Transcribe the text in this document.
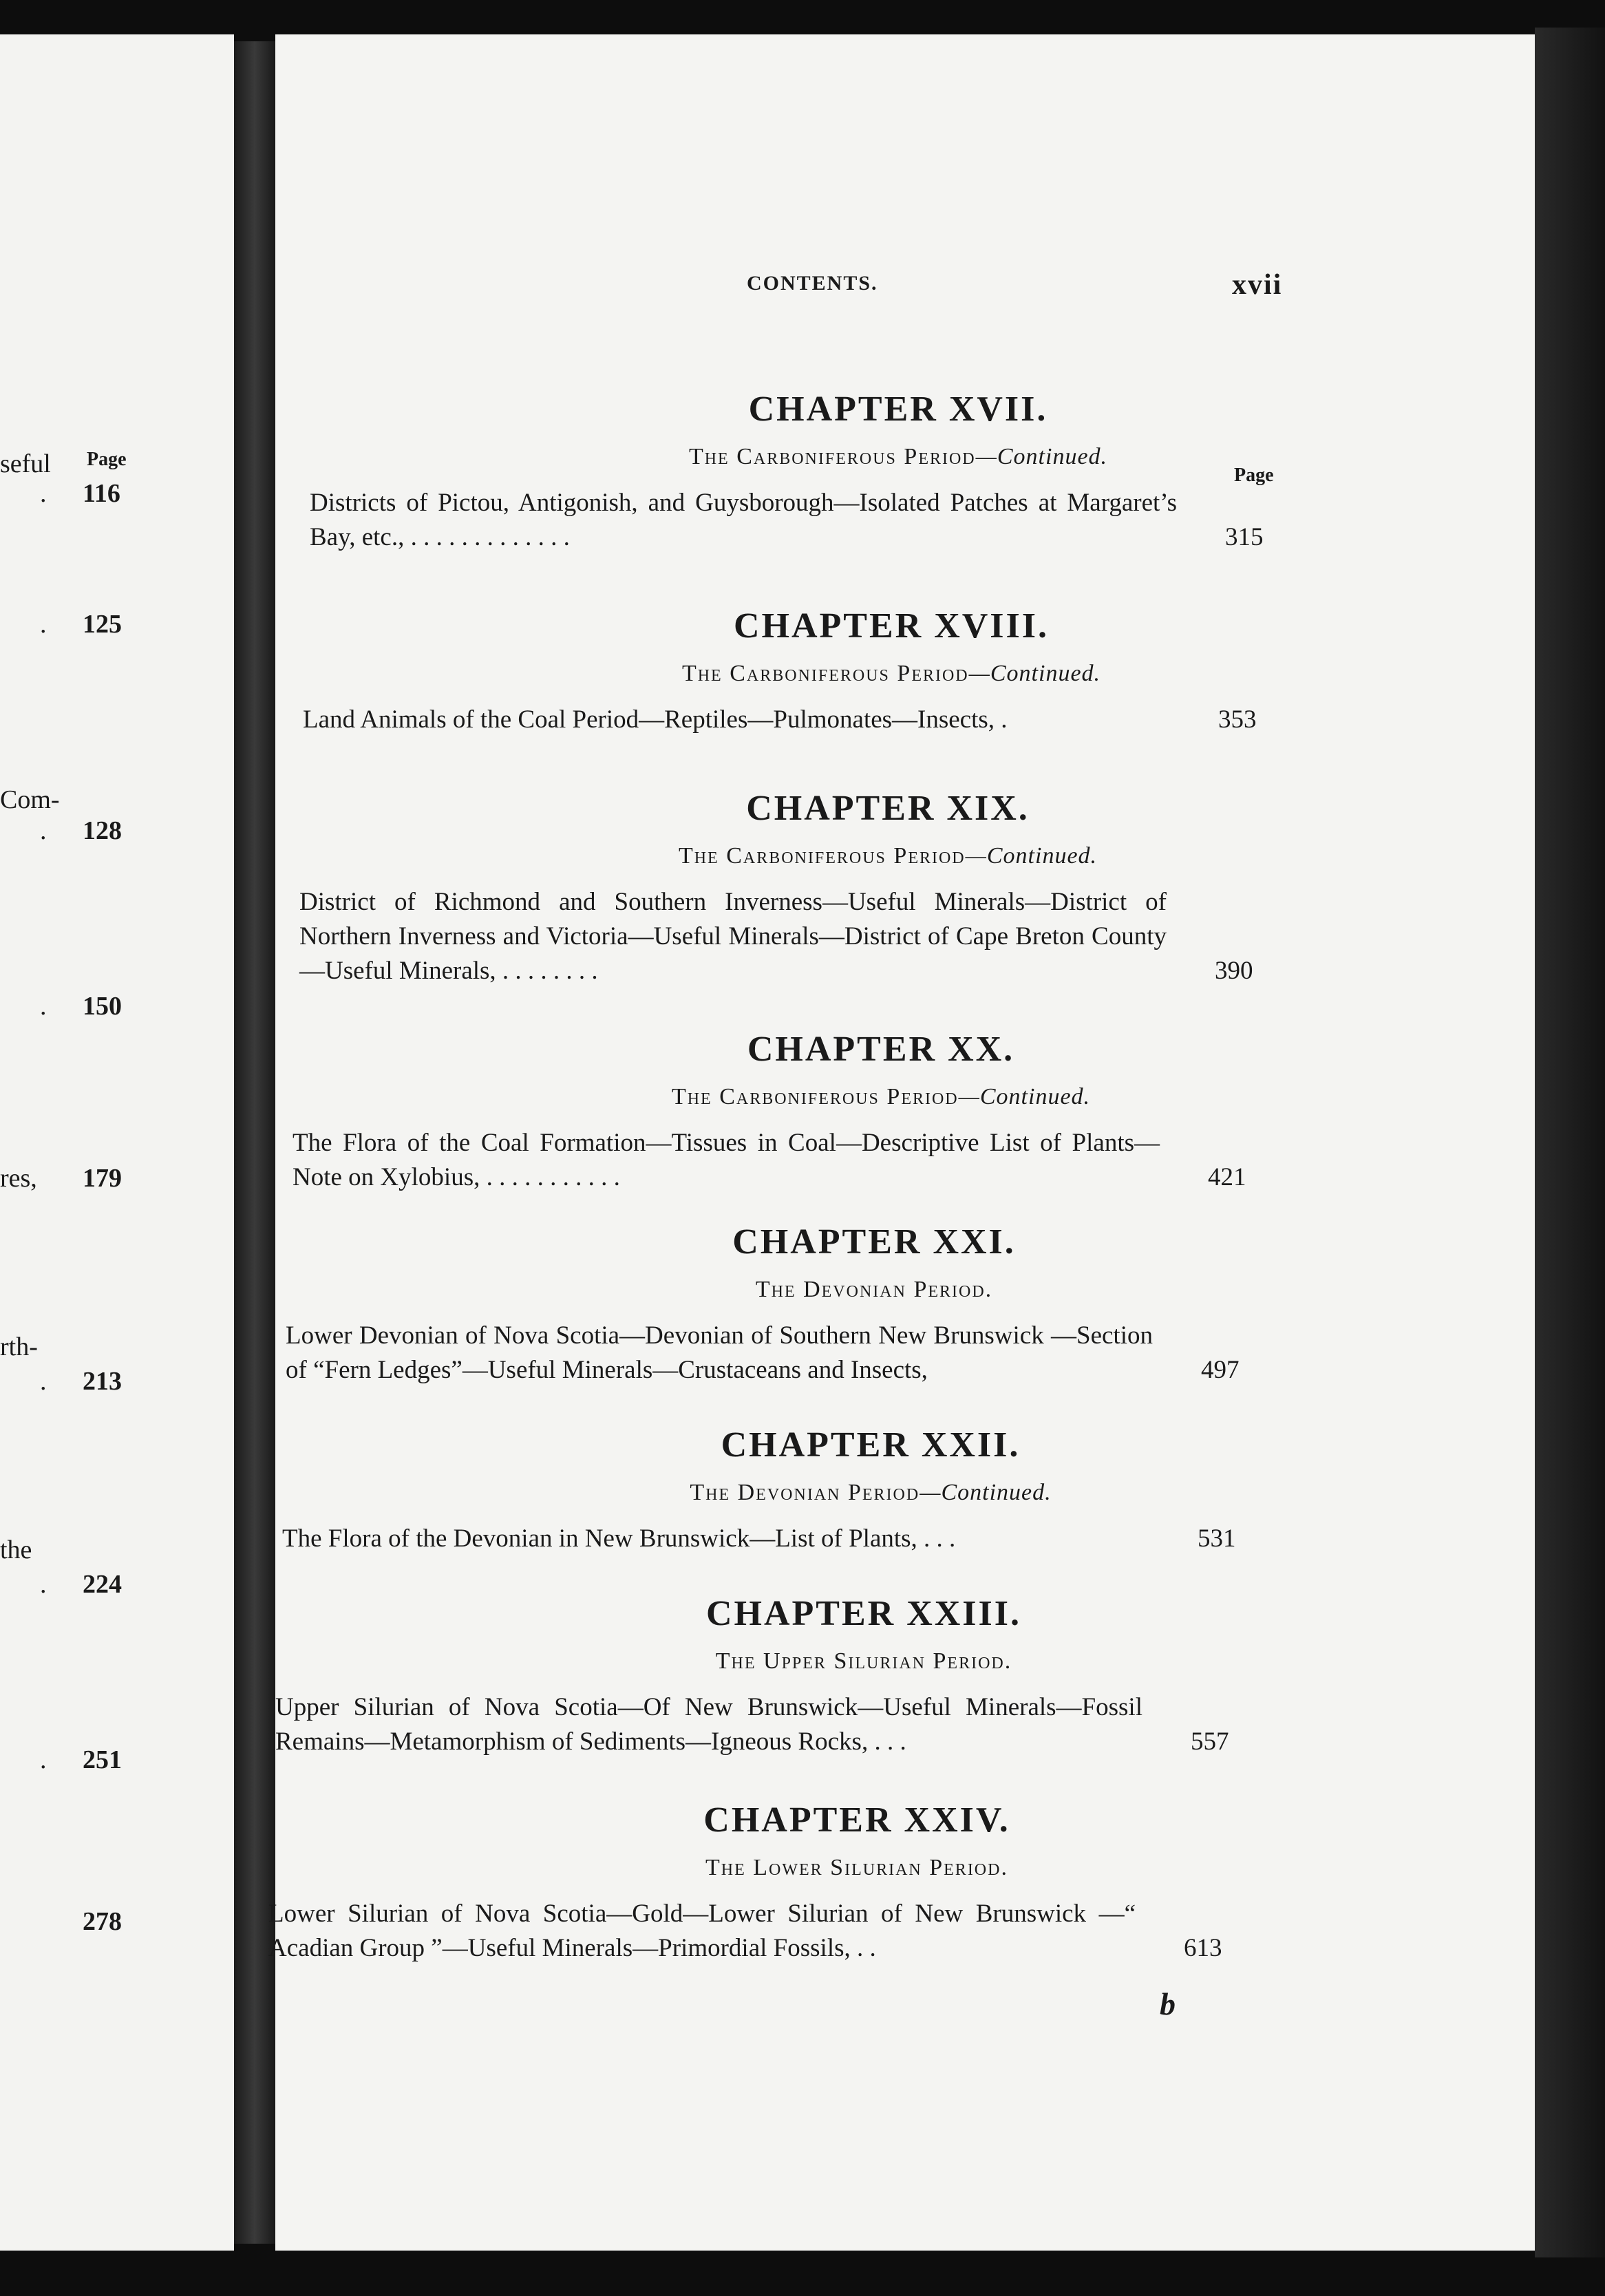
Page
seful
. 116
. 125
Com-
. 128
. 150
res, 179
rth-
. 213
the
. 224
. 251
278
CONTENTS.	xvii
Page
CHAPTER XVII.

The Carboniferous Period—Continued.

Districts of Pictou, Antigonish, and Guysborough—Isolated Patches at Margaret’s Bay, etc., . . . . . . . . . . . . .	315
CHAPTER XVIII.

The Carboniferous Period—Continued.

Land Animals of the Coal Period—Reptiles—Pulmonates—Insects, .	353
CHAPTER XIX.

The Carboniferous Period—Continued.

District of Richmond and Southern Inverness—Useful Minerals—District of Northern Inverness and Victoria—Useful Minerals—District of Cape Breton County—Useful Minerals, . . . . . . . .	390
CHAPTER XX.

The Carboniferous Period—Continued.

The Flora of the Coal Formation—Tissues in Coal—Descriptive List of Plants—Note on Xylobius, . . . . . . . . . . .	421
CHAPTER XXI.

The Devonian Period.

Lower Devonian of Nova Scotia—Devonian of Southern New Brunswick —Section of “Fern Ledges”—Useful Minerals—Crustaceans and Insects,	497
CHAPTER XXII.

The Devonian Period—Continued.

The Flora of the Devonian in New Brunswick—List of Plants, . . .	531
CHAPTER XXIII.

The Upper Silurian Period.

Upper Silurian of Nova Scotia—Of New Brunswick—Useful Minerals—Fossil Remains—Metamorphism of Sediments—Igneous Rocks, . . .	557
CHAPTER XXIV.

The Lower Silurian Period.

Lower Silurian of Nova Scotia—Gold—Lower Silurian of New Brunswick —“ Acadian Group ”—Useful Minerals—Primordial Fossils, . .	613
b
